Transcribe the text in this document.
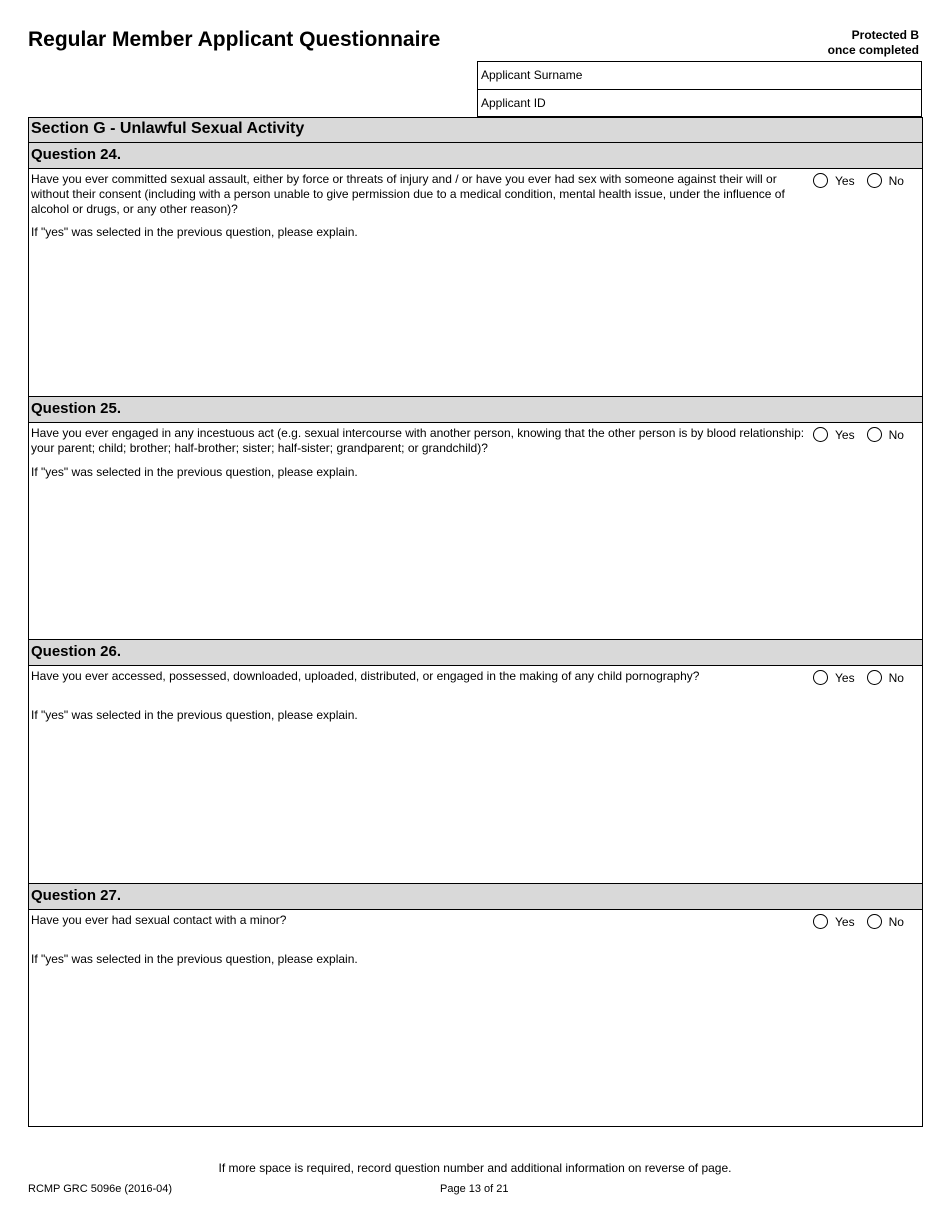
Regular Member Applicant Questionnaire	Protected B
once completed
Applicant Surname
Applicant ID
Section G - Unlawful Sexual Activity
Question 24.
Have you ever committed sexual assault, either by force or threats of injury and / or have you ever had sex with someone against their will or without their consent (including with a person unable to give permission due to a medical condition, mental health issue, under the influence of alcohol or drugs, or any other reason)?
Yes	No
If "yes" was selected in the previous question, please explain.
Question 25.
Have you ever engaged in any incestuous act (e.g. sexual intercourse with another person, knowing that the other person is by blood relationship: your parent; child; brother; half-brother; sister; half-sister; grandparent; or grandchild)?
Yes	No
If "yes" was selected in the previous question, please explain.
Question 26.
Have you ever accessed, possessed, downloaded, uploaded, distributed, or engaged in the making of any child pornography?	Yes	No
If "yes" was selected in the previous question, please explain.
Question 27.
Have you ever had sexual contact with a minor?	Yes	No
If "yes" was selected in the previous question, please explain.
If more space is required, record question number and additional information on reverse of page.
RCMP GRC 5096e (2016-04)	Page 13 of 21
